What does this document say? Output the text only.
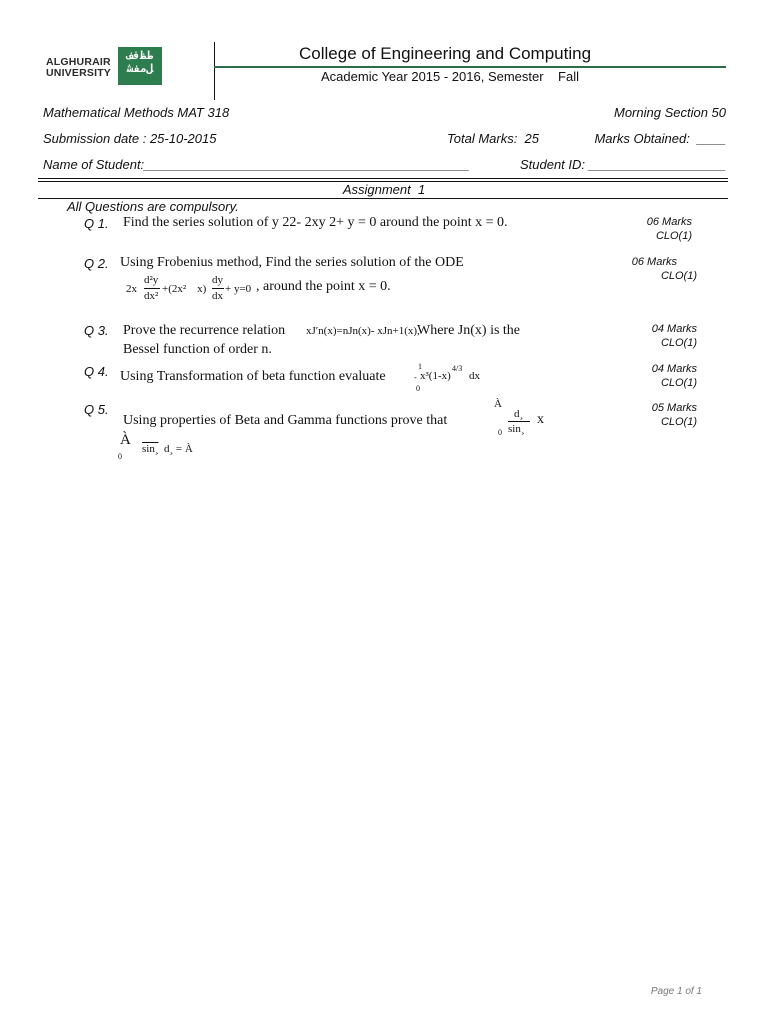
ALGHURAIR
UNIVERSITY
ﻁﻈﻓﻒ
ﻞﻣﻔﺸ
College of Engineering and Computing
Academic Year 2015 - 2016, Semester    Fall
Mathematical Methods MAT 318	Morning Section 50
Submission date : 25-10-2015	Total Marks:  25	Marks Obtained:  ____
Name of Student:_____________________________________________	Student ID: ___________________
Assignment  1
All Questions are compulsory.
Q 1. Find the series solution of y 22- 2xy 2+ y = 0 around the point x = 0.	06 Marks
CLO(1)
Q 2. Using Frobenius method, Find the series solution of the ODE
2x
d²y
dx²
+(2x²    x)
dy
dx
+ y=0 , around the point x = 0.
06 Marks
CLO(1)
Q 3. Prove the recurrence relation xJ′n(x)=nJn(x)- xJn+1(x),
Where Jn(x) is the
Bessel function of order n.
04 Marks
CLO(1)
Q 4. Using Transformation of beta function evaluate
1
- x³(1-x)
4/3
dx
0
04 Marks
CLO(1)
Q 5.
Using properties of Beta and Gamma functions prove that
À
0
d¸
sin¸
x
À
0
sin¸ d¸ = À
05 Marks
CLO(1)
Page 1 of 1
